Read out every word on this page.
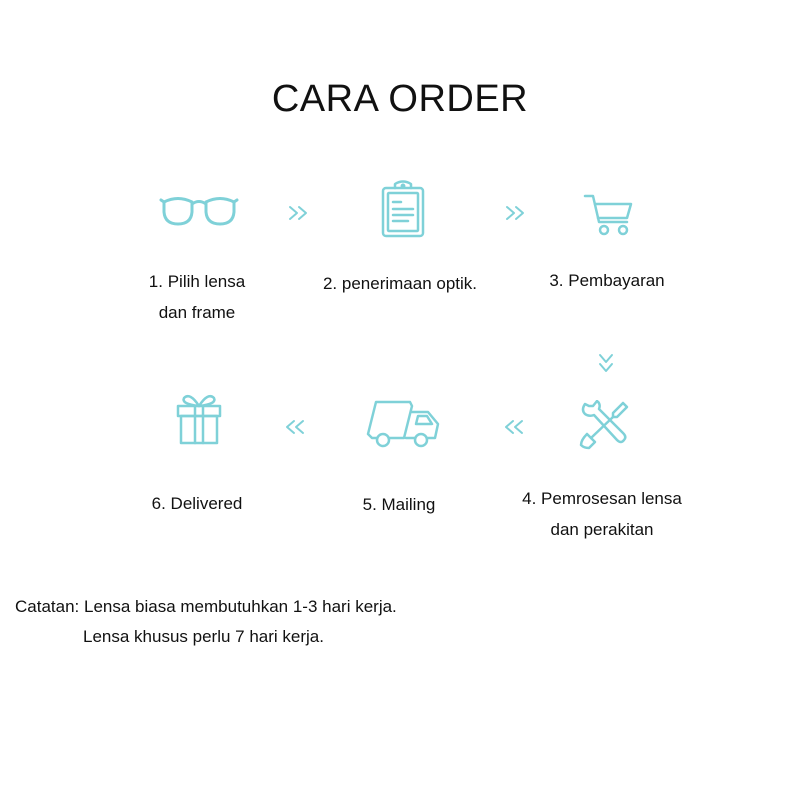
CARA ORDER
1. Pilih lensa
dan frame
2. penerimaan optik.	3. Pembayaran
6. Delivered	5. Mailing	4. Pemrosesan lensa
dan perakitan
Catatan: Lensa biasa membutuhkan 1-3 hari kerja.
Lensa khusus perlu 7 hari kerja.
